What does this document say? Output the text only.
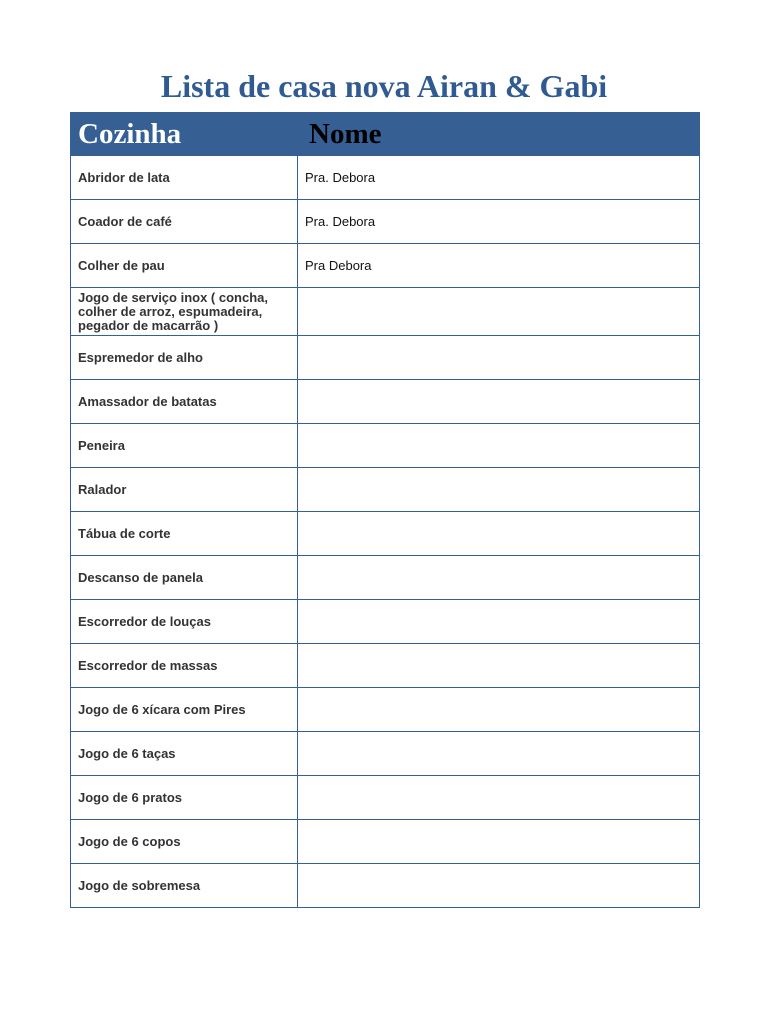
Lista de casa nova Airan & Gabi
Cozinha	Nome
Abridor de lata	Pra. Debora
Coador de café	Pra. Debora
Colher de pau	Pra Debora
Jogo de serviço inox ( concha, colher de arroz, espumadeira, pegador de macarrão )	
Espremedor de alho	
Amassador de batatas	
Peneira	
Ralador	
Tábua de corte	
Descanso de panela	
Escorredor de louças	
Escorredor de massas	
Jogo de 6 xícara com Pires	
Jogo de 6 taças	
Jogo de 6 pratos	
Jogo de 6 copos	
Jogo de sobremesa	
